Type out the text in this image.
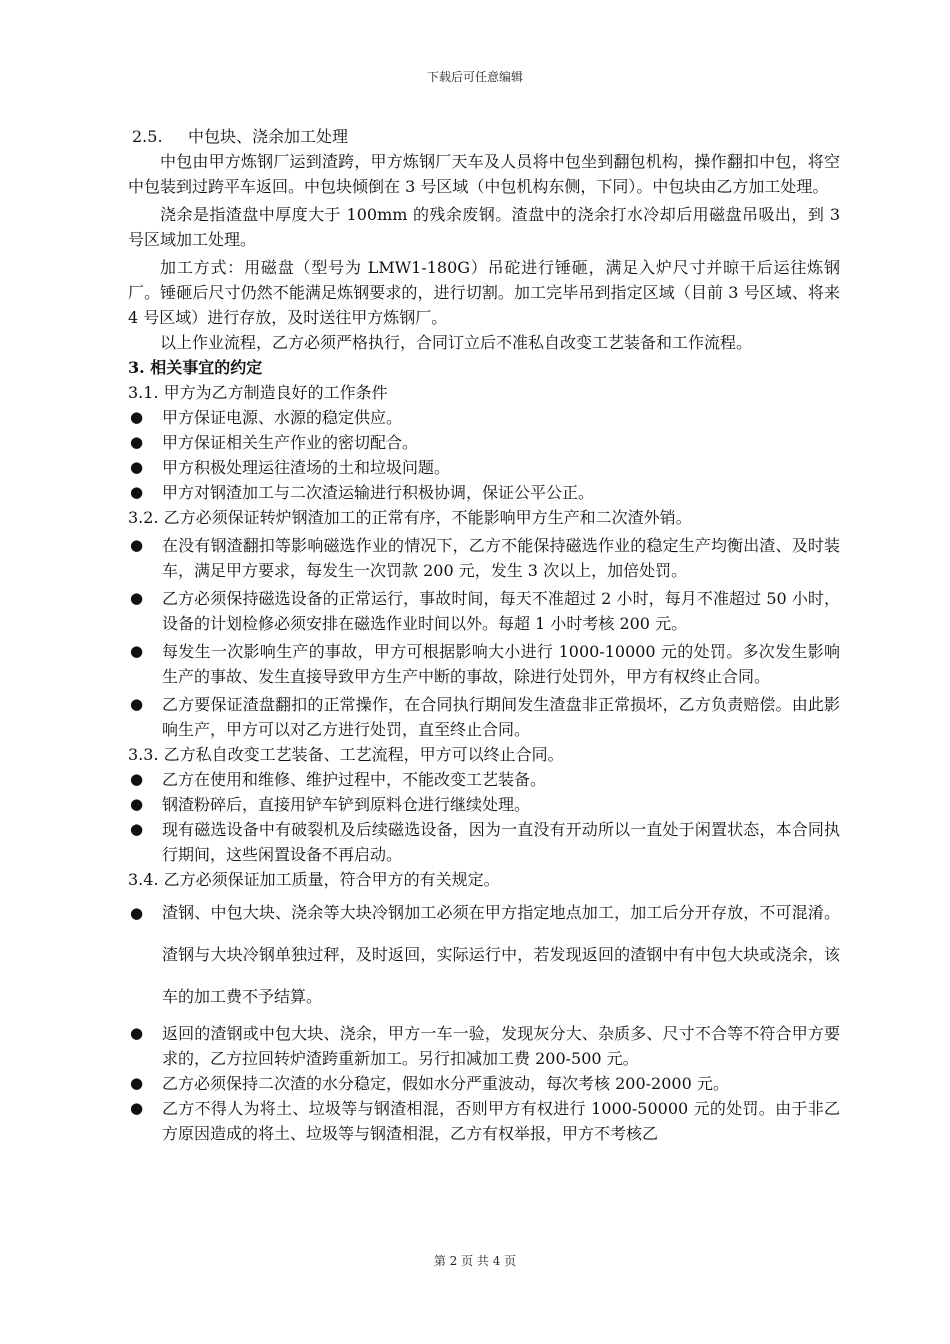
下载后可任意编辑

2.5. 中包块、浇余加工处理

中包由甲方炼钢厂运到渣跨，甲方炼钢厂天车及人员将中包坐到翻包机构，操作翻扣中包，将空中包装到过跨平车返回。中包块倾倒在 3 号区域（中包机构东侧，下同）。中包块由乙方加工处理。

浇余是指渣盘中厚度大于 100mm 的残余废钢。渣盘中的浇余打水冷却后用磁盘吊吸出，到 3 号区域加工处理。

加工方式：用磁盘（型号为 LMW1-180G）吊砣进行锤砸，满足入炉尺寸并晾干后运往炼钢厂。锤砸后尺寸仍然不能满足炼钢要求的，进行切割。加工完毕吊到指定区域（目前 3 号区域、将来 4 号区域）进行存放，及时送往甲方炼钢厂。

以上作业流程，乙方必须严格执行，合同订立后不准私自改变工艺装备和工作流程。

3. 相关事宜的约定

3.1. 甲方为乙方制造良好的工作条件

● 甲方保证电源、水源的稳定供应。
● 甲方保证相关生产作业的密切配合。
● 甲方积极处理运往渣场的土和垃圾问题。
● 甲方对钢渣加工与二次渣运输进行积极协调，保证公平公正。

3.2. 乙方必须保证转炉钢渣加工的正常有序，不能影响甲方生产和二次渣外销。

● 在没有钢渣翻扣等影响磁选作业的情况下，乙方不能保持磁选作业的稳定生产均衡出渣、及时装车，满足甲方要求，每发生一次罚款 200 元，发生 3 次以上，加倍处罚。
● 乙方必须保持磁选设备的正常运行，事故时间，每天不准超过 2 小时，每月不准超过 50 小时，设备的计划检修必须安排在磁选作业时间以外。每超 1 小时考核 200 元。
● 每发生一次影响生产的事故，甲方可根据影响大小进行 1000-10000 元的处罚。多次发生影响生产的事故、发生直接导致甲方生产中断的事故，除进行处罚外，甲方有权终止合同。
● 乙方要保证渣盘翻扣的正常操作，在合同执行期间发生渣盘非正常损坏，乙方负责赔偿。由此影响生产，甲方可以对乙方进行处罚，直至终止合同。

3.3. 乙方私自改变工艺装备、工艺流程，甲方可以终止合同。

● 乙方在使用和维修、维护过程中，不能改变工艺装备。
● 钢渣粉碎后，直接用铲车铲到原料仓进行继续处理。
● 现有磁选设备中有破裂机及后续磁选设备，因为一直没有开动所以一直处于闲置状态，本合同执行期间，这些闲置设备不再启动。

3.4. 乙方必须保证加工质量，符合甲方的有关规定。

● 渣钢、中包大块、浇余等大块冷钢加工必须在甲方指定地点加工，加工后分开存放，不可混淆。渣钢与大块冷钢单独过秤，及时返回，实际运行中，若发现返回的渣钢中有中包大块或浇余，该车的加工费不予结算。
● 返回的渣钢或中包大块、浇余，甲方一车一验，发现灰分大、杂质多、尺寸不合等不符合甲方要求的，乙方拉回转炉渣跨重新加工。另行扣减加工费 200-500 元。
● 乙方必须保持二次渣的水分稳定，假如水分严重波动，每次考核 200-2000 元。
● 乙方不得人为将土、垃圾等与钢渣相混，否则甲方有权进行 1000-50000 元的处罚。由于非乙方原因造成的将土、垃圾等与钢渣相混，乙方有权举报，甲方不考核乙
第 2 页 共 4 页
